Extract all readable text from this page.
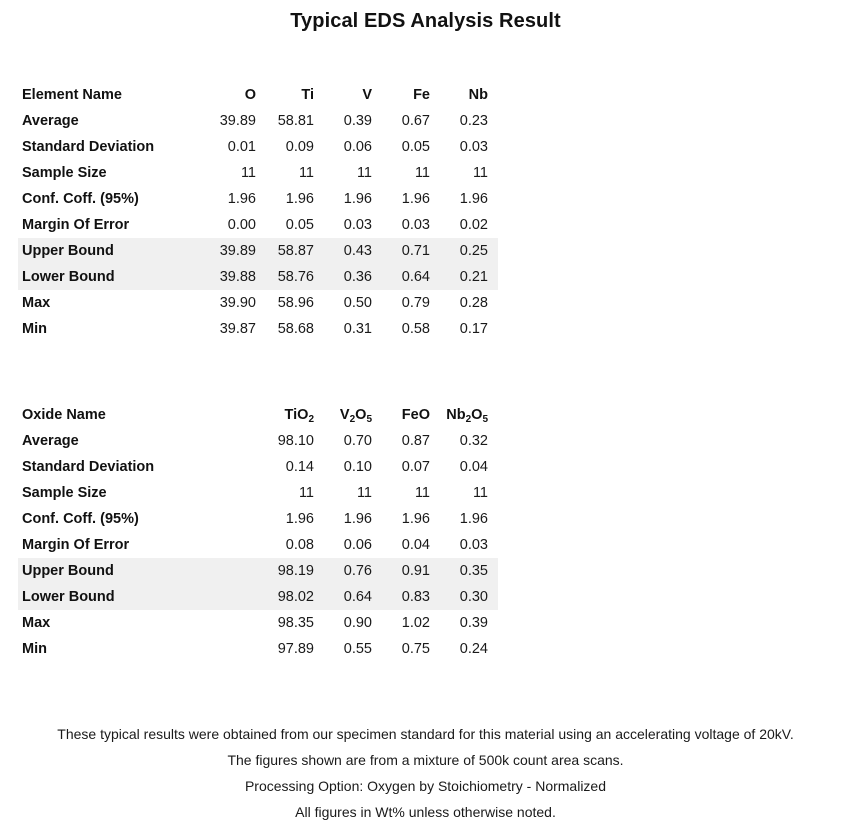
Typical EDS Analysis Result
Element Name	O	Ti	V	Fe	Nb
Average	39.89	58.81	0.39	0.67	0.23
Standard Deviation	0.01	0.09	0.06	0.05	0.03
Sample Size	11	11	11	11	11
Conf. Coff. (95%)	1.96	1.96	1.96	1.96	1.96
Margin Of Error	0.00	0.05	0.03	0.03	0.02
Upper Bound	39.89	58.87	0.43	0.71	0.25
Lower Bound	39.88	58.76	0.36	0.64	0.21
Max	39.90	58.96	0.50	0.79	0.28
Min	39.87	58.68	0.31	0.58	0.17
Oxide Name	TiO$_2$	$V_2O_5$	FeO	$Nb_2O_5$
Average	98.10	0.70	0.87	0.32
Standard Deviation	0.14	0.10	0.07	0.04
Sample Size	11	11	11	11
Conf. Coff. (95%)	1.96	1.96	1.96	1.96
Margin Of Error	0.08	0.06	0.04	0.03
Upper Bound	98.19	0.76	0.91	0.35
Lower Bound	98.02	0.64	0.83	0.30
Max	98.35	0.90	1.02	0.39
Min	97.89	0.55	0.75	0.24
These typical results were obtained from our specimen standard for this material using an accelerating voltage of 20kV.
The figures shown are from a mixture of 500k count area scans.
Processing Option: Oxygen by Stoichiometry - Normalized
All figures in Wt% unless otherwise noted.
